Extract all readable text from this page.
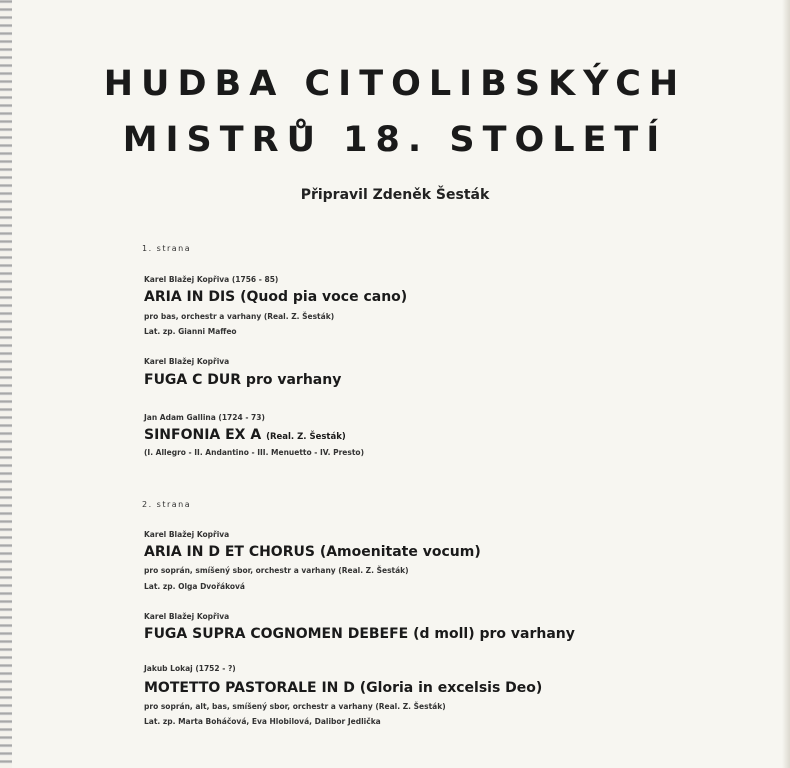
HUDBA CITOLIBSKÝCH
MISTRŮ 18. STOLETÍ
Připravil Zdeněk Šesták
1. strana
Karel Blažej Kopřiva (1756 - 85)
ARIA IN DIS (Quod pia voce cano)
pro bas, orchestr a varhany (Real. Z. Šesták)
Lat. zp. Gianni Maffeo
Karel Blažej Kopřiva
FUGA C DUR pro varhany
Jan Adam Gallina (1724 - 73)
SINFONIA EX A (Real. Z. Šesták)
(I. Allegro - II. Andantino - III. Menuetto - IV. Presto)
2. strana
Karel Blažej Kopřiva
ARIA IN D ET CHORUS (Amoenitate vocum)
pro soprán, smíšený sbor, orchestr a varhany (Real. Z. Šesták)
Lat. zp. Olga Dvořáková
Karel Blažej Kopřiva
FUGA SUPRA COGNOMEN DEBEFE (d moll) pro varhany
Jakub Lokaj (1752 - ?)
MOTETTO PASTORALE IN D (Gloria in excelsis Deo)
pro soprán, alt, bas, smíšený sbor, orchestr a varhany (Real. Z. Šesták)
Lat. zp. Marta Boháčová, Eva Hlobilová, Dalibor Jedlička
